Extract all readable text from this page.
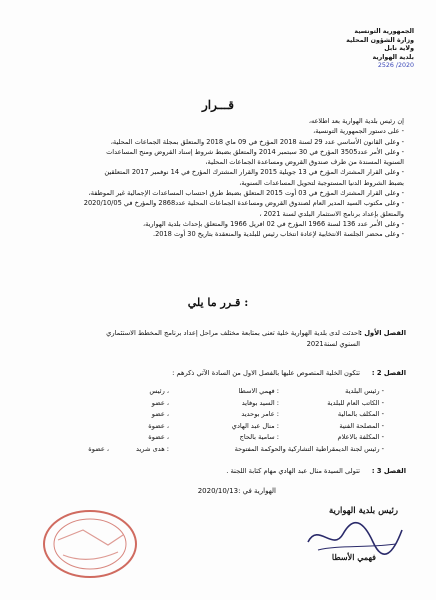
الجمهورية التونسية
وزارة الشؤون المحلية
ولاية نابل
بلدية الهوارية
2020/ 2526
قـــرار

إن رئيس بلدية الهوارية بعد اطلاعه،

- على دستور الجمهورية التونسية،

- وعلى القانون الأساسي عدد 29 لسنة 2018 المؤرخ في 09 ماي 2018 والمتعلق بمجلة الجماعات المحلية،

- وعلى الأمر عدد3505 المؤرخ في 30 سبتمبر 2014 والمتعلق بضبط شروط إسناد القروض ومنح المساعدات

السنوية المسندة من طرف صندوق القروض ومساعدة الجماعات المحلية،

- وعلى القرار المشترك المؤرخ في 13 جويلية 2015 والقرار المشترك المؤرخ في 14 نوفمبر 2017 المتعلقين

بضبط الشروط الدنيا المستوجبة لتحويل المساعدات السنوية،

- وعلى القرار المشترك المؤرخ في 03 أوت 2015 المتعلق بضبط طرق احتساب المساعدات الإجمالية غير الموظفة،

- وعلى مكتوب السيد المدير العام لصندوق القروض ومساعدة الجماعات المحلية عدد2868 والمؤرخ في 2020/10/05

والمتعلق بإعداد برنامج الاستثمار البلدي لسنة 2021 ،

- وعلى الأمر عدد 136 لسنة 1966 المؤرخ في 02 افريل 1966 والمتعلق بإحداث بلدية الهوارية،

- وعلى محضر الجلسة الانتخابية لإعادة انتخاب رئيس للبلدية والمنعقدة بتاريخ 30 أوت 2018.

قـرر ما يلي :
الفصل الأول :

احدثت لدى بلدية الهوارية خلية تعنى بمتابعة مختلف مراحل إعداد برنامج المخطط الاستثماري

السنوي لسنة2021

الفصل 2 :

تتكون الخلية المنصوص عليها بالفصل الاول من السادة الآتي ذكرهم :

- رئيس البلدية
: فهمي الاسطا
، رئيس
- الكاتب العام للبلدية
: السيد بوفايد
، عضو
- المكلف بالمالية
: عامر بوحديد
، عضو
- المصلحة الفنية
: منال عبد الهادي
، عضوة
- المكلفة بالاعلام
: سامية بالحاج
، عضوة
- رئيس لجنة الديمقراطية التشاركية والحوكمة المفتوحة
: هدى شريد
، عضوة
الفصل 3 :

تتولى السيدة منال عبد الهادي مهام كتابة اللجنة .

الهوارية في :2020/10/13
رئيس بلدية الهوارية
فهمي الأسطا
